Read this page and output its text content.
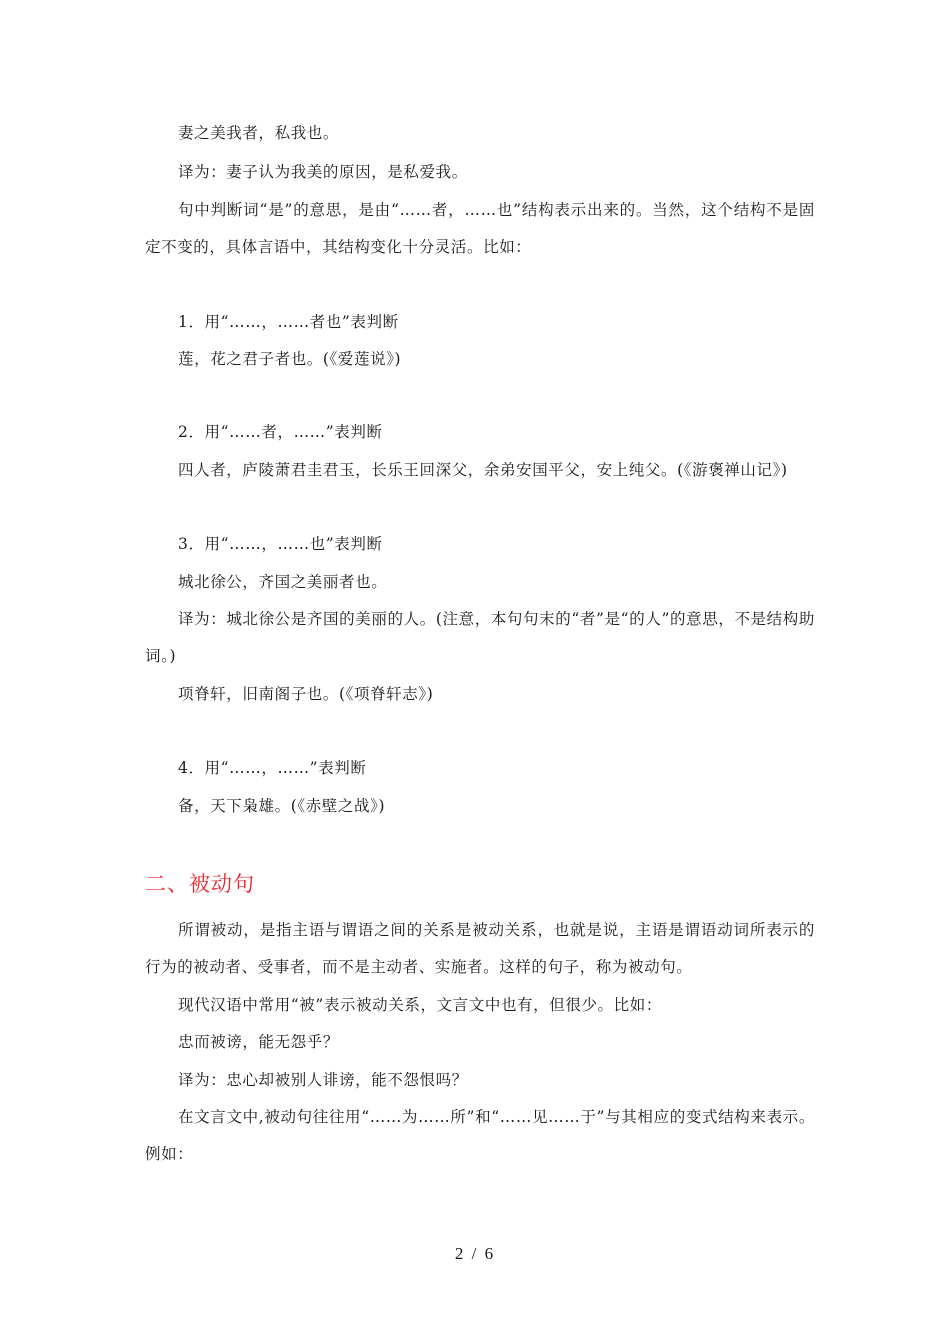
妻之美我者，私我也。
译为：妻子认为我美的原因，是私爱我。
句中判断词“是”的意思，是由“……者，……也”结构表示出来的。当然，这个结构不是固定不变的，具体言语中，其结构变化十分灵活。比如：
1．用“……，……者也”表判断
莲，花之君子者也。(《爱莲说》)
2．用“……者，……”表判断
四人者，庐陵萧君圭君玉，长乐王回深父，余弟安国平父，安上纯父。(《游褒禅山记》)
3．用“……，……也”表判断
城北徐公，齐国之美丽者也。
译为：城北徐公是齐国的美丽的人。(注意，本句句末的“者”是“的人”的意思，不是结构助词。)
项脊轩，旧南阁子也。(《项脊轩志》)
4．用“……，……”表判断
备，天下枭雄。(《赤壁之战》)
二、被动句
所谓被动，是指主语与谓语之间的关系是被动关系，也就是说，主语是谓语动词所表示的行为的被动者、受事者，而不是主动者、实施者。这样的句子，称为被动句。
现代汉语中常用“被”表示被动关系，文言文中也有，但很少。比如：
忠而被谤，能无怨乎？
译为：忠心却被别人诽谤，能不怨恨吗？
在文言文中,被动句往往用“……为……所”和“……见……于”与其相应的变式结构来表示。例如：
2 / 6
